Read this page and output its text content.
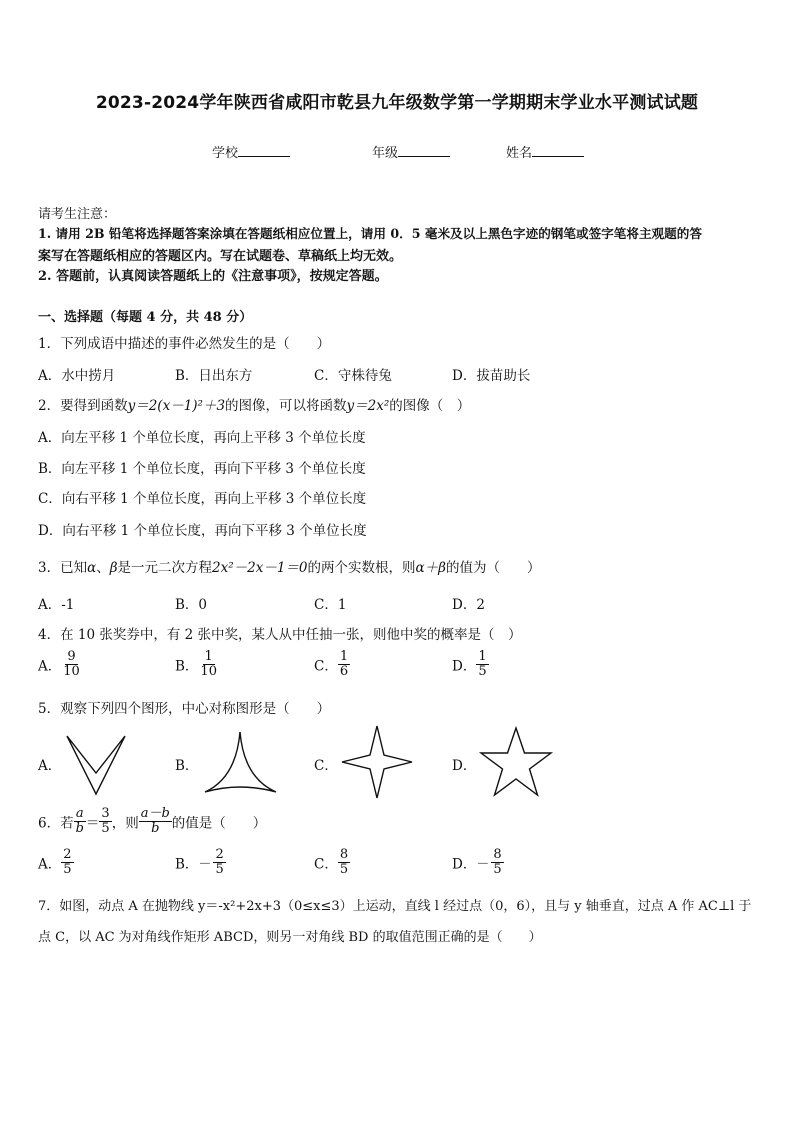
2023-2024学年陕西省咸阳市乾县九年级数学第一学期期末学业水平测试试题
学校	年级	姓名
请考生注意：
1. 请用 2B 铅笔将选择题答案涂填在答题纸相应位置上，请用 0．5 毫米及以上黑色字迹的钢笔或签字笔将主观题的答
案写在答题纸相应的答题区内。写在试题卷、草稿纸上均无效。
2. 答题前，认真阅读答题纸上的《注意事项》，按规定答题。
一、选择题（每题 4 分，共 48 分）
1．下列成语中描述的事件必然发生的是（　　）
A．水中捞月	B．日出东方	C．守株待兔	D．拔苗助长
2．要得到函数y＝2(x－1)²＋3的图像，可以将函数y＝2x²的图像（　）
A．向左平移 1 个单位长度，再向上平移 3 个单位长度
B．向左平移 1 个单位长度，再向下平移 3 个单位长度
C．向右平移 1 个单位长度，再向上平移 3 个单位长度
D．向右平移 1 个单位长度，再向下平移 3 个单位长度
3．已知α、β是一元二次方程2x²－2x－1＝0的两个实数根，则α＋β的值为（　　）
A．-1	B．0	C．1	D．2
4．在 10 张奖券中，有 2 张中奖，某人从中任抽一张，则他中奖的概率是（　）
A． $\frac{9}{10}$	B． $\frac{1}{10}$	C． $\frac{1}{6}$	D． $\frac{1}{5}$
5．观察下列四个图形，中心对称图形是（　　）
A．	B．	C．	D．
6．若 $\frac{a}{b} = \frac{3}{5}$ ，则 $\frac{a-b}{b}$ 的值是（　　）
A． $\frac{2}{5}$	B．－ $\frac{2}{5}$	C． $\frac{8}{5}$	D．－ $\frac{8}{5}$
7．如图，动点 A 在抛物线 y＝-x²+2x+3（0≤x≤3）上运动，直线 l 经过点（0，6），且与 y 轴垂直，过点 A 作 AC⊥l 于
点 C，以 AC 为对角线作矩形 ABCD，则另一对角线 BD 的取值范围正确的是（　　）
